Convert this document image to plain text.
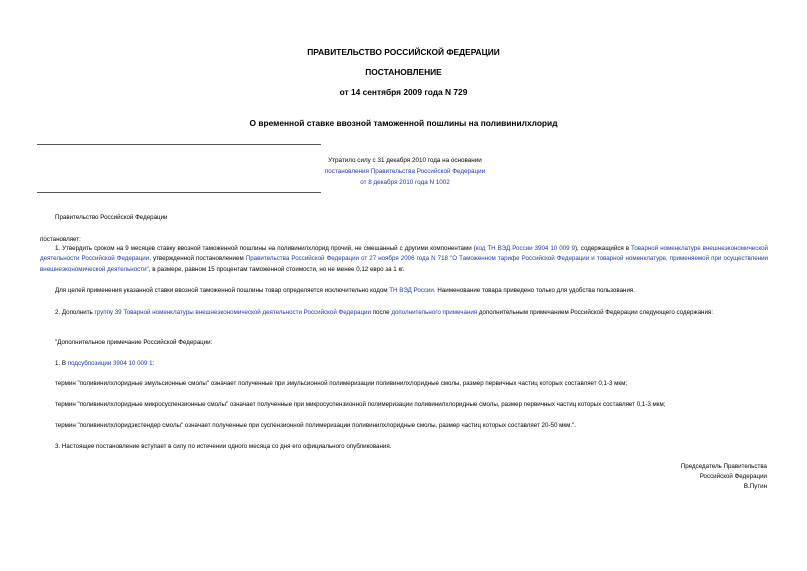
ПРАВИТЕЛЬСТВО РОССИЙСКОЙ ФЕДЕРАЦИИ
ПОСТАНОВЛЕНИЕ
от 14 сентября 2009 года N 729
О временной ставке ввозной таможенной пошлины на поливинилхлорид
Утратило силу с 31 декабря 2010 года на основании
постановления Правительства Российской Федерации
от 8 декабря 2010 года N 1002
Правительство Российской Федерации
постановляет:
1. Утвердить сроком на 9 месяцев ставку ввозной таможенной пошлины на поливинилхлорид прочий, не смешанный с другими компонентами (код ТН ВЭД России 3904 10 009 9), содержащийся в Товарной номенклатуре внешнеэкономической деятельности Российской Федерации, утвержденной постановлением Правительства Российской Федерации от 27 ноября 2006 года N 718 "О Таможенном тарифе Российской Федерации и товарной номенклатуре, применяемой при осуществлении внешнеэкономической деятельности", в размере, равном 15 процентам таможенной стоимости, но не менее 0,12 евро за 1 кг.
Для целей применения указанной ставки ввозной таможенной пошлины товар определяется исключительно кодом ТН ВЭД России. Наименование товара приведено только для удобства пользования.
2. Дополнить группу 39 Товарной номенклатуры внешнеэкономической деятельности Российской Федерации после дополнительного примечания дополнительным примечанием Российской Федерации следующего содержания:
"Дополнительное примечание Российской Федерации:
1. В подсубпозиции 3904 10 009 1:
термин "поливинилхлоридные эмульсионные смолы" означает полученные при эмульсионной полимеризации поливинилхлоридные смолы, размер первичных частиц которых составляет 0,1-3 мкм;
термин "поливинилхлоридные микросуспензионные смолы" означает полученные при микросуспензионной полимеризации поливинилхлоридные смолы, размер первичных частиц которых составляет 0,1-3 мкм;
термин "поливинилхлоридэкстендер смолы" означает полученные при суспензионной полимеризации поливинилхлоридные смолы, размер частиц которых составляет 20-50 мкм.".
3. Настоящее постановление вступает в силу по истечении одного месяца со дня его официального опубликования.
Председатель Правительства
Российской Федерации
В.Путин
